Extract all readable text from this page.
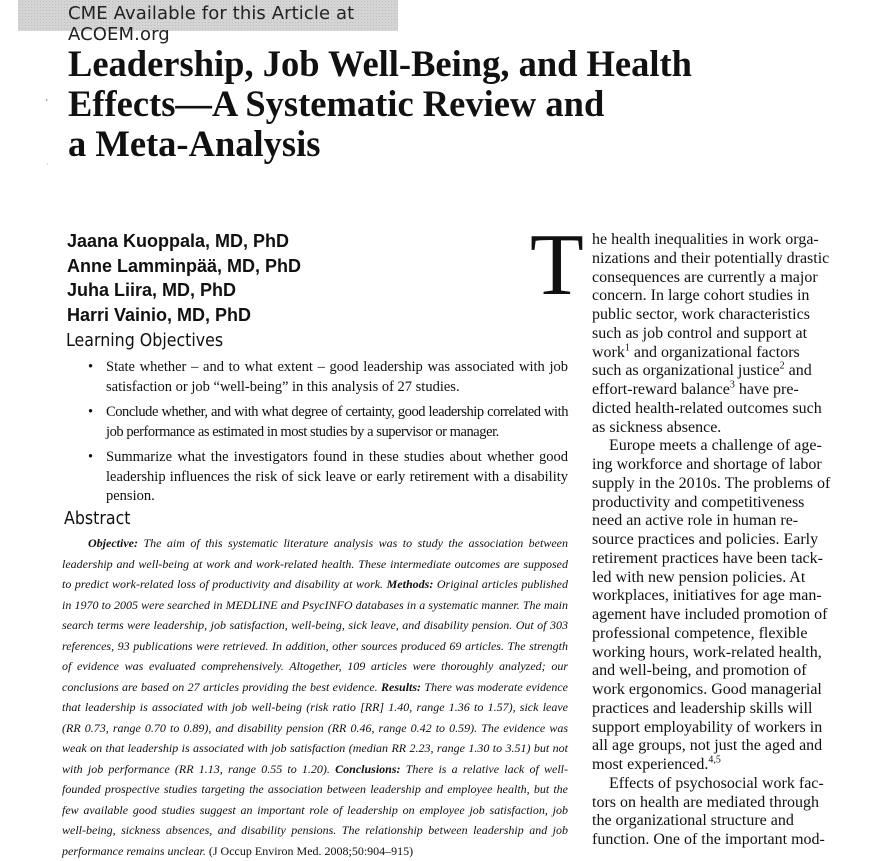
CME Available for this Article at ACOEM.org
’
⋅
Leadership, Job Well-Being, and Health
Effects—A Systematic Review and
a Meta-Analysis
Jaana Kuoppala, MD, PhD
Anne Lamminpää, MD, PhD
Juha Liira, MD, PhD
Harri Vainio, MD, PhD
Learning Objectives
• State whether – and to what extent – good leadership was associated with job satisfaction or job “well-being” in this analysis of 27 studies.
• Conclude whether, and with what degree of certainty, good leadership correlated with job performance as estimated in most studies by a supervisor or manager.
• Summarize what the investigators found in these studies about whether good leadership influences the risk of sick leave or early retirement with a disability pension.
Abstract

Objective: The aim of this systematic literature analysis was to study the association between leadership and well-being at work and work-related health. These intermediate outcomes are supposed to predict work-related loss of productivity and disability at work. Methods: Original articles published in 1970 to 2005 were searched in MEDLINE and PsycINFO databases in a systematic manner. The main search terms were leadership, job satisfaction, well-being, sick leave, and disability pension. Out of 303 references, 93 publications were retrieved. In addition, other sources produced 69 articles. The strength of evidence was evaluated comprehensively. Altogether, 109 articles were thoroughly analyzed; our conclusions are based on 27 articles providing the best evidence. Results: There was moderate evidence that leadership is associated with job well-being (risk ratio [RR] 1.40, range 1.36 to 1.57), sick leave (RR 0.73, range 0.70 to 0.89), and disability pension (RR 0.46, range 0.42 to 0.59). The evidence was weak on that leadership is associated with job satisfaction (median RR 2.23, range 1.30 to 3.51) but not with job performance (RR 1.13, range 0.55 to 1.20). Conclusions: There is a relative lack of well-founded prospective studies targeting the association between leadership and employee health, but the few available good studies suggest an important role of leadership on employee job satisfaction, job well-being, sickness absences, and disability pensions. The relationship between leadership and job performance remains unclear. (J Occup Environ Med. 2008;50:904–915)

T he health inequalities in work orga-
nizations and their potentially drastic
consequences are currently a major
concern. In large cohort studies in
public sector, work characteristics
such as job control and support at
work$^1$ and organizational factors
such as organizational justice$^2$ and
effort-reward balance$^3$ have pre-
dicted health-related outcomes such
as sickness absence.
Europe meets a challenge of age-
ing workforce and shortage of labor
supply in the 2010s. The problems of
productivity and competitiveness
need an active role in human re-
source practices and policies. Early
retirement practices have been tack-
led with new pension policies. At
workplaces, initiatives for age man-
agement have included promotion of
professional competence, flexible
working hours, work-related health,
and well-being, and promotion of
work ergonomics. Good managerial
practices and leadership skills will
support employability of workers in
all age groups, not just the aged and
most experienced.$^{4,5}$
Effects of psychosocial work fac-
tors on health are mediated through
the organizational structure and
function. One of the important mod-
